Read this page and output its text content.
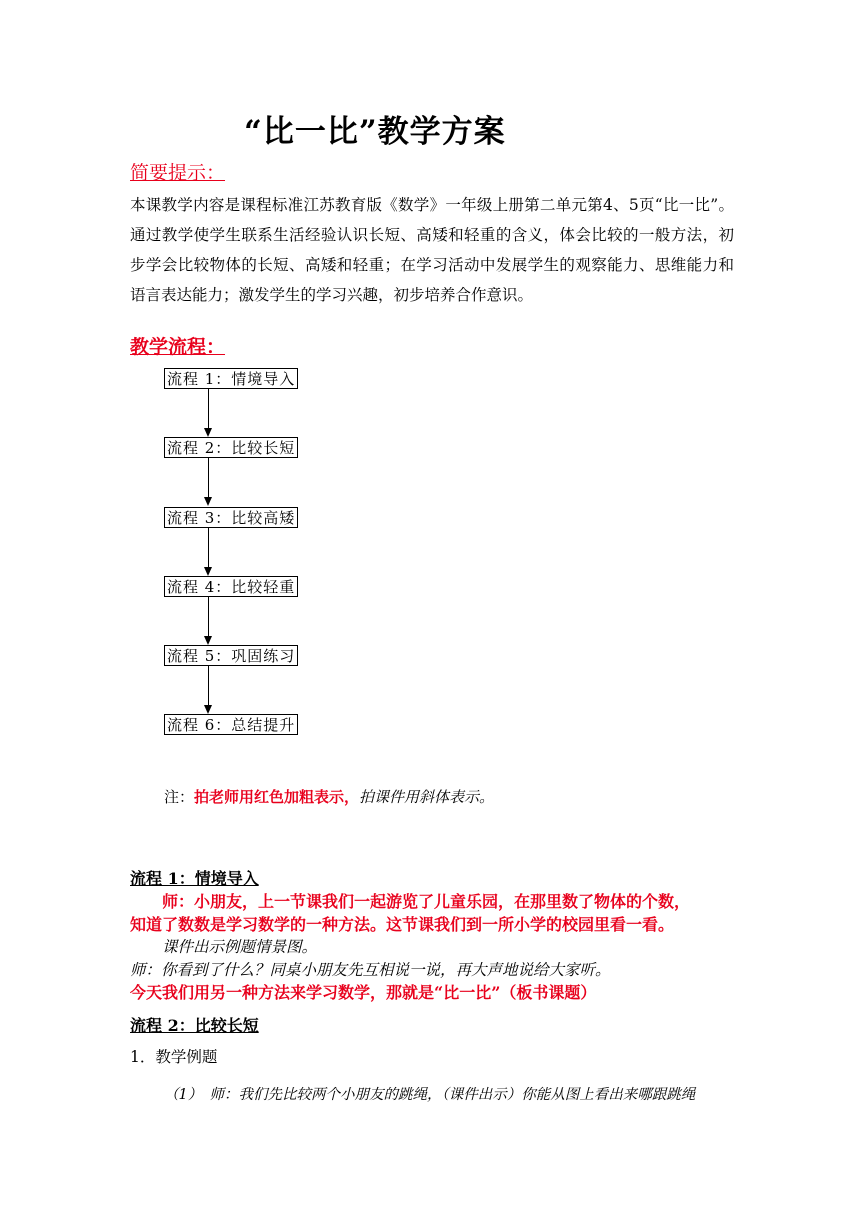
“比一比”教学方案
简要提示：
本课教学内容是课程标准江苏教育版《数学》一年级上册第二单元第4、5页“比一比”。通过教学使学生联系生活经验认识长短、高矮和轻重的含义，体会比较的一般方法，初步学会比较物体的长短、高矮和轻重；在学习活动中发展学生的观察能力、思维能力和语言表达能力；激发学生的学习兴趣，初步培养合作意识。
教学流程：
流程 1：情境导入
流程 2：比较长短
流程 3：比较高矮
流程 4：比较轻重
流程 5：巩固练习
流程 6：总结提升
注：拍老师用红色加粗表示，拍课件用斜体表示。
流程 1：情境导入
师：小朋友，上一节课我们一起游览了儿童乐园，在那里数了物体的个数，
知道了数数是学习数学的一种方法。这节课我们到一所小学的校园里看一看。
课件出示例题情景图。
师：你看到了什么？同桌小朋友先互相说一说，再大声地说给大家听。
今天我们用另一种方法来学习数学，那就是“比一比”（板书课题）
流程 2：比较长短
1．教学例题
（1）　师：我们先比较两个小朋友的跳绳，（课件出示）你能从图上看出来哪跟跳绳
